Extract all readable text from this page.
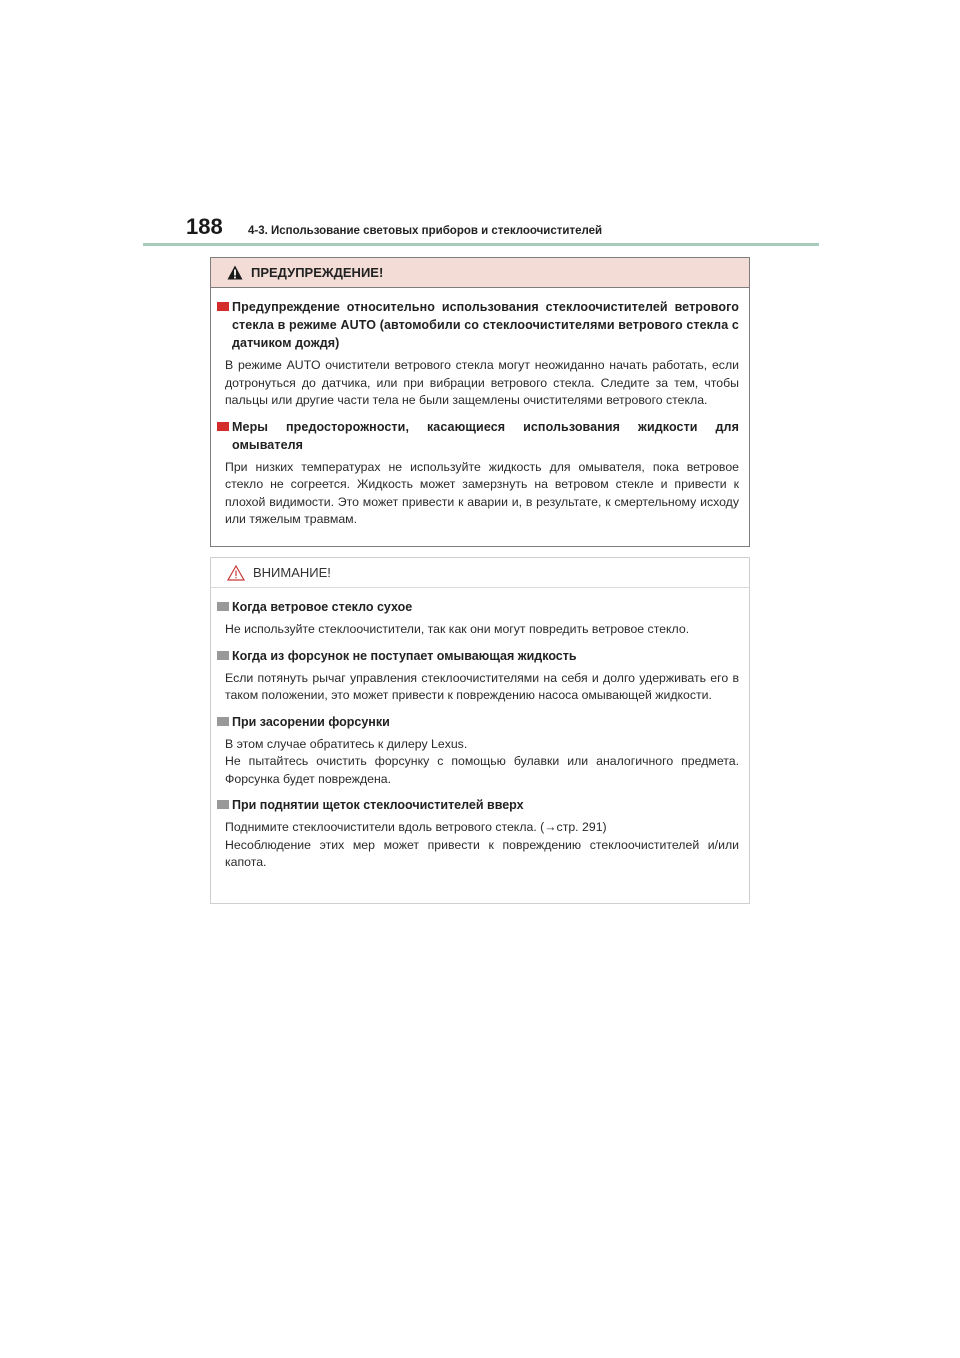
188	4-3. Использование световых приборов и стеклоочистителей
ПРЕДУПРЕЖДЕНИЕ!
Предупреждение относительно использования стеклоочистителей ветрового стекла в режиме AUTO (автомобили со стеклоочистителями ветрового стекла с датчиком дождя)
В режиме AUTO очистители ветрового стекла могут неожиданно начать работать, если дотронуться до датчика, или при вибрации ветрового стекла. Следите за тем, чтобы пальцы или другие части тела не были защемлены очистителями ветрового стекла.
Меры предосторожности, касающиеся использования жидкости для омывателя
При низких температурах не используйте жидкость для омывателя, пока ветровое стекло не согреется. Жидкость может замерзнуть на ветровом стекле и привести к плохой видимости. Это может привести к аварии и, в результате, к смертельному исходу или тяжелым травмам.
ВНИМАНИЕ!
Когда ветровое стекло сухое
Не используйте стеклоочистители, так как они могут повредить ветровое стекло.
Когда из форсунок не поступает омывающая жидкость
Если потянуть рычаг управления стеклоочистителями на себя и долго удерживать его в таком положении, это может привести к повреждению насоса омывающей жидкости.
При засорении форсунки
В этом случае обратитесь к дилеру Lexus.
Не пытайтесь очистить форсунку с помощью булавки или аналогичного предмета. Форсунка будет повреждена.
При поднятии щеток стеклоочистителей вверх
Поднимите стеклоочистители вдоль ветрового стекла. (→стр. 291)
Несоблюдение этих мер может привести к повреждению стеклоочистителей и/или капота.
